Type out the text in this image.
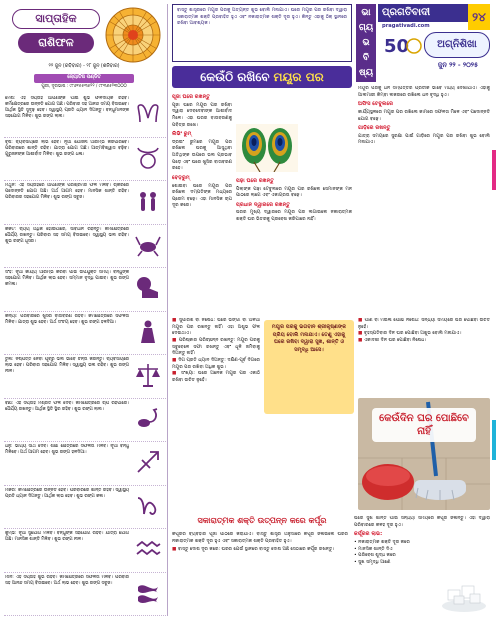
ସାପ୍ତାହିକ
ରାଶିଫଳ
୨୨ ଜୁନ (ରବିବାର) - ୨୮ ଜୁନ (ଶନିବାର)
ଜ୍ୟୋତିଷ ପଣ୍ଡିତ
ପୁରୀ, ଦୂରଭାଷ : ୯୮୬୧୫୫୩୫୨୨ / ୯୮୩୬୫୨୩୦୦୦
ମେଷ: ଏହି ସପ୍ତାହ ଆପଣଙ୍କ ପାଇଁ ଶୁଭ ଫଳଦାୟକ ରହିବ। କର୍ମକ୍ଷେତ୍ରରେ ଉନ୍ନତି ଯୋଗ ଅଛି। ପରିବାର ସହ ଆନନ୍ଦ ସମୟ ବିତାଇବେ। ଆର୍ଥିକ ସ୍ଥିତି ସୁଦୃଢ଼ ହେବ। ସ୍ୱାସ୍ଥ୍ୟ ପ୍ରତି ଧ୍ୟାନ ଦିଅନ୍ତୁ। ବନ୍ଧୁମାନଙ୍କ ସହଯୋଗ ମିଳିବ। ଶୁଭ ରଙ୍ଗ ଲାଲ।
ବୃଷ: ବ୍ୟବସାୟରେ ଲାଭ ହେବ। ନୂଆ ଯୋଜନା ଆରମ୍ଭ କରିପାରିବେ। ପରିବାରରେ ଶାନ୍ତି ରହିବ। ଯାତ୍ରା ଯୋଗ ଅଛି। ଆତ୍ମବିଶ୍ୱାସ ବଢ଼ିବ। ଗୁରୁଜନଙ୍କ ଆଶୀର୍ବାଦ ମିଳିବ। ଶୁଭ ରଙ୍ଗ ଧଳା।
ମିଥୁନ: ଏହି ସପ୍ତାହରେ ଆପଣଙ୍କ ପରିଶ୍ରମର ଫଳ ମିଳିବ। ଚାକିରିରେ ପଦୋନ୍ନତି ଯୋଗ ଅଛି। ଅର୍ଥ ଆଗମ ହେବ। ମାନସିକ ଶାନ୍ତି ରହିବ। ପରିବାରର ସହଯୋଗ ମିଳିବ। ଶୁଭ ରଙ୍ଗ ସବୁଜ।
କର୍କଟ: ବ୍ୟୟ ଅଧିକ ହୋଇପାରେ, ସାବଧାନ ରହନ୍ତୁ। କର୍ମକ୍ଷେତ୍ରରେ ଧୈର୍ଯ୍ୟ ରଖନ୍ତୁ। ପରିବାର ସହ ସମୟ ବିତାଇବେ। ସ୍ୱାସ୍ଥ୍ୟ ଭଲ ରହିବ। ଶୁଭ ରଙ୍ଗ ଧୂସର।
ସିଂହ: ନୂଆ କାର୍ଯ୍ୟ ଆରମ୍ଭ କରିବା ପାଇଁ ଉପଯୁକ୍ତ ସମୟ। ବନ୍ଧୁଙ୍କ ସହଯୋଗ ମିଳିବ। ଆର୍ଥିକ ଲାଭ ହେବ। ସମ୍ମାନ ବୃଦ୍ଧି ପାଇବ। ଶୁଭ ରଙ୍ଗ କମଳା।
କନ୍ୟା: ପରିବାରରେ ଖୁସିର ବାତାବରଣ ରହିବ। କର୍ମକ୍ଷେତ୍ରରେ ସଫଳତା ମିଳିବ। ଯାତ୍ରା ଶୁଭ ହେବ। ଅର୍ଥ ସଂଚୟ ହେବ। ଶୁଭ ରଙ୍ଗ ହଳଦିଆ।
ତୁଳା: ନିଷ୍ପତ୍ତି ନେବା ପୂର୍ବରୁ ଭଲ ଭାବେ ଚିନ୍ତା କରନ୍ତୁ। ବ୍ୟବସାୟରେ ଲାଭ ହେବ। ପରିବାର ସହଯୋଗ ମିଳିବ। ସ୍ୱାସ୍ଥ୍ୟ ଭଲ ରହିବ। ଶୁଭ ରଙ୍ଗ ନୀଳ।
ବିଛା: ଏହି ସପ୍ତାହ ମିଶ୍ରିତ ଫଳ ଦେବ। କର୍ମକ୍ଷେତ୍ରରେ ଚାପ ରହିପାରେ। ଧୈର୍ଯ୍ୟ ରଖନ୍ତୁ। ଆର୍ଥିକ ସ୍ଥିତି ସ୍ଥିର ରହିବ। ଶୁଭ ରଙ୍ଗ ଲାଲ।
ଧନୁ: ଭାଗ୍ୟ ସାଥ ଦେବ। ଶିକ୍ଷା କ୍ଷେତ୍ରରେ ସଫଳତା ମିଳିବ। ନୂଆ ବନ୍ଧୁ ମିଳିବେ। ଅର୍ଥ ଆଗମ ହେବ। ଶୁଭ ରଙ୍ଗ ହଳଦିଆ।
ମକର: କର୍ମକ୍ଷେତ୍ରରେ ଉନ୍ନତି ହେବ। ପରିବାରରେ ଶାନ୍ତି ରହିବ। ସ୍ୱାସ୍ଥ୍ୟ ପ୍ରତି ଧ୍ୟାନ ଦିଅନ୍ତୁ। ଆର୍ଥିକ ଲାଭ ହେବ। ଶୁଭ ରଙ୍ଗ କଳା।
କୁମ୍ଭ: ନୂଆ ସୁଯୋଗ ମିଳିବ। ବନ୍ଧୁଙ୍କ ସହଯୋଗ ରହିବ। ଯାତ୍ରା ଯୋଗ ଅଛି। ମାନସିକ ଶାନ୍ତି ମିଳିବ। ଶୁଭ ରଙ୍ଗ ନୀଳ।
ମୀନ: ଏହି ସପ୍ତାହ ଶୁଭ ରହିବ। କର୍ମକ୍ଷେତ୍ରରେ ସଫଳତା ମିଳିବ। ପରିବାର ସହ ଆନନ୍ଦ ସମୟ ବିତାଇବେ। ଅର୍ଥ ଲାଭ ହେବ। ଶୁଭ ରଙ୍ଗ ସବୁଜ।
ବାସ୍ତୁ ଶାସ୍ତ୍ରରେ ମୟୂର ପରକୁ ଅତ୍ୟନ୍ତ ଶୁଭ ବୋଲି ମନାଯାଏ। ଘରେ ମୟୂର ପର ରଖିବା ଦ୍ୱାରା ସକାରାତ୍ମକ ଶକ୍ତି ପ୍ରବାହିତ ହୁଏ ଏବଂ ନକାରାତ୍ମକ ଶକ୍ତି ଦୂର ହୁଏ। କିନ୍ତୁ ଏହାକୁ ଠିକ୍ ସ୍ଥାନରେ ରଖିବା ଆବଶ୍ୟକ।
ଭା
ଗ୍ୟ
ଭ
ବି
ଷ୍ୟ
ପ୍ରଗତିବାଦୀ	୨୪
pragativadi.com
50	ଅଗ୍ନିଶିଖା
ଜୁନ ୨୨ - ୨୦୨୫
କେଉଁଠି ରଖିବେ ମୟୂର ପର
ପୂଜା ଘରେ ରଖନ୍ତୁ

ପୂଜା ଘରେ ମୟୂର ପର ରଖିବା ଦ୍ୱାରା ଦେବଦେବୀଙ୍କ ଆଶୀର୍ବାଦ ମିଳେ। ଏହା ଘରର ବାତାବରଣକୁ ପବିତ୍ର ରଖେ।

ଲିଭିଂ ରୁମ୍

ଡ୍ରଇଂ ରୁମରେ ମୟୂର ପର ରଖିଲେ ଘରକୁ ଆସୁଥିବା ଅତିଥିଙ୍କ ଉପରେ ଭଲ ପ୍ରଭାବ ପଡ଼େ ଏବଂ ଘରେ ଖୁସିର ବାତାବରଣ ରହେ।

ବେଡ଼ରୁମ୍

ଶୋଇବା ଘରେ ମୟୂର ପର ରଖିଲେ ଦମ୍ପତିଙ୍କ ମଧ୍ୟରେ ପ୍ରେମ ବଢ଼େ। ଏହା ମାନସିକ ଚାପ ଦୂର କରେ।

ପଢ଼ା ଘରେ ରଖନ୍ତୁ

ପିଲାଙ୍କ ପଢ଼ା ଟେବୁଲରେ ମୟୂର ପର ରଖିଲେ ସେମାନଙ୍କ ମନ ପାଠରେ ଲାଗେ ଏବଂ ଏକାଗ୍ରତା ବଢ଼େ।

ପ୍ରଧାନ ଦ୍ୱାରରେ ରଖନ୍ତୁ

ଘରର ମୁଖ୍ୟ ଦ୍ୱାରରେ ମୟୂର ପର ଲଗାଇଲେ ନକାରାତ୍ମକ ଶକ୍ତି ଘର ଭିତରକୁ ପ୍ରବେଶ କରିପାରେ ନାହିଁ।

ମୟୂର ପରକୁ ଧନ ସମ୍ପତ୍ତିର ପ୍ରତୀକ ଭାବେ ମଧ୍ୟ ଦେଖାଯାଏ। ଏହାକୁ ଆଲମାରୀ କିମ୍ବା ଲକରରେ ରଖିଲେ ଧନ ବୃଦ୍ଧି ହୁଏ।

ଅଫିସ ଟେବୁଲରେ

କାର୍ଯ୍ୟସ୍ଥଳରେ ମୟୂର ପର ରଖିଲେ କାମରେ ସଫଳତା ମିଳେ ଏବଂ ପଦୋନ୍ନତି ଯୋଗ ବଢ଼େ।

ଗାଡ଼ିରେ ରଖନ୍ତୁ

ଯାତ୍ରା ସମୟରେ ସୁରକ୍ଷା ପାଇଁ ଗାଡ଼ିରେ ମୟୂର ପର ରଖିବା ଶୁଭ ବୋଲି ମନାଯାଏ।

■ ସୁପାରିଶ ବା ନିଷେଧ: ଘରେ ଭଙ୍ଗା ବା ଅଳିଆ ମୟୂର ପର ରଖନ୍ତୁ ନାହିଁ। ଏହା ଅଶୁଭ ଫଳ ଦେଇଥାଏ।

■ ପରିଷ୍କାର ପରିଚ୍ଛନ୍ନ ରଖନ୍ତୁ: ମୟୂର ପରକୁ ସବୁବେଳେ ସଫା ରଖନ୍ତୁ ଏବଂ ଧୂଳି ଜମିବାକୁ ଦିଅନ୍ତୁ ନାହିଁ।

■ ଦିଗ ପ୍ରତି ଧ୍ୟାନ ଦିଅନ୍ତୁ: ଦକ୍ଷିଣ-ପୂର୍ବ ଦିଗରେ ମୟୂର ପର ରଖିବା ଅଧିକ ଶୁଭ।

■ ସଂଖ୍ୟା: ଘରେ ଅନେକ ମୟୂର ପର ଏକାଠି ରଖିବା ଉଚିତ ନୁହେଁ।

ମୟୂର ପରକୁ ଭଗବାନ ଶ୍ରୀକୃଷ୍ଣଙ୍କ ପ୍ରିୟ ବୋଲି ମନାଯାଏ। ତେଣୁ ଏହାକୁ ଘରେ ରଖିବା ଦ୍ୱାରା ସୁଖ, ଶାନ୍ତି ଓ ସମୃଦ୍ଧି ଆସେ।

■ ପାଣି ବା ମଇଳା ପୋଛା ନିଷେଧ: ସନ୍ଧ୍ୟା ସମୟରେ ଘର ପୋଛିବା ଉଚିତ ନୁହେଁ।

■ ବୃହସ୍ପତିବାର ଦିନ ଘର ପୋଛିବା ଅଶୁଭ ବୋଲି ମନାଯାଏ।

■ ଏକାଦଶୀ ଦିନ ଘର ପୋଛିବା ନିଷେଧ।

କେଉଁଦିନ ଘର ପୋଛିବେ ନାହିଁ
ସକାରାତ୍ମକ ଶକ୍ତି ଉତ୍ପନ୍ନ କରେ କର୍ପୂର

କର୍ପୂରର ବ୍ୟବହାର ପୂଜା ପାଠରେ କରାଯାଏ। ବାସ୍ତୁ ଶାସ୍ତ୍ର ଅନୁସାରେ କର୍ପୂର ଜଳାଇଲେ ଘରର ନକାରାତ୍ମକ ଶକ୍ତି ଦୂର ହୁଏ ଏବଂ ସକାରାତ୍ମକ ଶକ୍ତି ପ୍ରବାହିତ ହୁଏ।

■ ବାସ୍ତୁ ଦୋଷ ଦୂର କରେ: ଘରର ଯେଉଁ ସ୍ଥାନରେ ବାସ୍ତୁ ଦୋଷ ଅଛି ସେଠାରେ କର୍ପୂର ରଖନ୍ତୁ।

ଘରେ ସୁଖ ଶାନ୍ତି ପାଇଁ ସନ୍ଧ୍ୟା ସମୟରେ କର୍ପୂର ଜଳାନ୍ତୁ। ଏହା ଦ୍ୱାରା ପରିବାରରେ କଳହ ଦୂର ହୁଏ।

କର୍ପୂରର ଲାଭ:

• ନକାରାତ୍ମକ ଶକ୍ତି ଦୂର କରେ

• ମାନସିକ ଶାନ୍ତି ଦିଏ

• ପରିବେଶ ଶୁଦ୍ଧ କରେ

• ସୁଖ ସମୃଦ୍ଧି ଆଣେ
